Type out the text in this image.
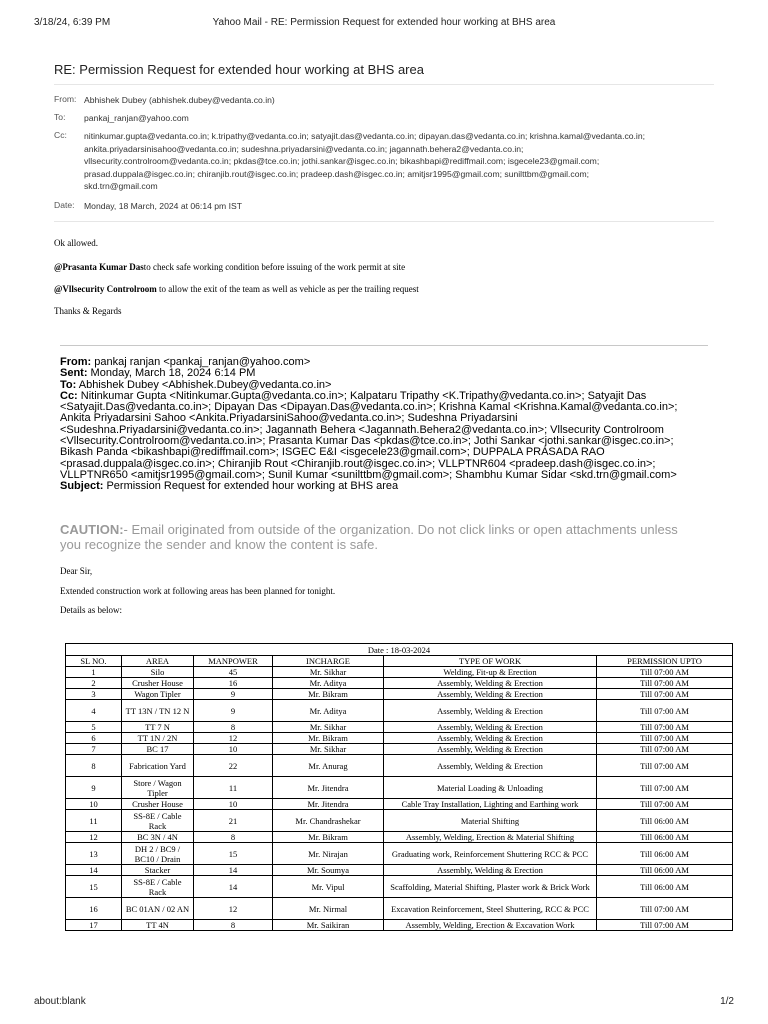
3/18/24, 6:39 PM	Yahoo Mail - RE: Permission Request for extended hour working at BHS area
RE: Permission Request for extended hour working at BHS area
From: Abhishek Dubey (abhishek.dubey@vedanta.co.in)
To: pankaj_ranjan@yahoo.com
Cc: nitinkumar.gupta@vedanta.co.in; k.tripathy@vedanta.co.in; satyajit.das@vedanta.co.in; dipayan.das@vedanta.co.in; krishna.kamal@vedanta.co.in;
ankita.priyadarsinisahoo@vedanta.co.in; sudeshna.priyadarsini@vedanta.co.in; jagannath.behera2@vedanta.co.in;
vllsecurity.controlroom@vedanta.co.in; pkdas@tce.co.in; jothi.sankar@isgec.co.in; bikashbapi@rediffmail.com; isgecele23@gmail.com;
prasad.duppala@isgec.co.in; chiranjib.rout@isgec.co.in; pradeep.dash@isgec.co.in; amitjsr1995@gmail.com; sunilttbm@gmail.com;
skd.trn@gmail.com
Date: Monday, 18 March, 2024 at 06:14 pm IST
Ok allowed.
@Prasanta Kumar Dasto check safe working condition before issuing of the work permit at site
@Vllsecurity Controlroom to allow the exit of the team as well as vehicle as per the trailing request
Thanks & Regards
From: pankaj ranjan <pankaj_ranjan@yahoo.com>
Sent: Monday, March 18, 2024 6:14 PM
To: Abhishek Dubey <Abhishek.Dubey@vedanta.co.in>
Cc: Nitinkumar Gupta <Nitinkumar.Gupta@vedanta.co.in>; Kalpataru Tripathy <K.Tripathy@vedanta.co.in>; Satyajit Das
<Satyajit.Das@vedanta.co.in>; Dipayan Das <Dipayan.Das@vedanta.co.in>; Krishna Kamal <Krishna.Kamal@vedanta.co.in>;
Ankita Priyadarsini Sahoo <Ankita.PriyadarsiniSahoo@vedanta.co.in>; Sudeshna Priyadarsini
<Sudeshna.Priyadarsini@vedanta.co.in>; Jagannath Behera <Jagannath.Behera2@vedanta.co.in>; Vllsecurity Controlroom
<Vllsecurity.Controlroom@vedanta.co.in>; Prasanta Kumar Das <pkdas@tce.co.in>; Jothi Sankar <jothi.sankar@isgec.co.in>;
Bikash Panda <bikashbapi@rediffmail.com>; ISGEC E&I <isgecele23@gmail.com>; DUPPALA PRASADA RAO
<prasad.duppala@isgec.co.in>; Chiranjib Rout <Chiranjib.rout@isgec.co.in>; VLLPTNR604 <pradeep.dash@isgec.co.in>;
VLLPTNR650 <amitjsr1995@gmail.com>; Sunil Kumar <sunilttbm@gmail.com>; Shambhu Kumar Sidar <skd.trn@gmail.com>
Subject: Permission Request for extended hour working at BHS area
CAUTION:- Email originated from outside of the organization. Do not click links or open attachments unless
you recognize the sender and know the content is safe.
Dear Sir,
Extended construction work at following areas has been planned for tonight.
Details as below:
Date : 18-03-2024					
SL NO.	AREA	MANPOWER	INCHARGE	TYPE OF WORK	PERMISSION UPTO
1	Silo	45	Mr. Sikhar	Welding, Fit-up & Erection	Till 07:00 AM
2	Crusher House	16	Mr. Aditya	Assembly, Welding & Erection	Till 07:00 AM
3	Wagon Tipler	9	Mr. Bikram	Assembly, Welding & Erection	Till 07:00 AM
4	TT 13N / TN 12 N	9	Mr. Aditya	Assembly, Welding & Erection	Till 07:00 AM
5	TT 7 N	8	Mr. Sikhar	Assembly, Welding & Erection	Till 07:00 AM
6	TT 1N / 2N	12	Mr. Bikram	Assembly, Welding & Erection	Till 07:00 AM
7	BC 17	10	Mr. Sikhar	Assembly, Welding & Erection	Till 07:00 AM
8	Fabrication Yard	22	Mr. Anurag	Assembly, Welding & Erection	Till 07:00 AM
9	Store / Wagon Tipler	11	Mr. Jitendra	Material Loading & Unloading	Till 07:00 AM
10	Crusher House	10	Mr. Jitendra	Cable Tray Installation, Lighting and Earthing work	Till 07:00 AM
11	SS-8E / Cable Rack	21	Mr. Chandrashekar	Material Shifting	Till 06:00 AM
12	BC 3N / 4N	8	Mr. Bikram	Assembly, Welding, Erection & Material Shifting	Till 06:00 AM
13	DH 2 / BC9 / BC10 / Drain	15	Mr. Nirajan	Graduating work, Reinforcement Shuttering RCC & PCC	Till 06:00 AM
14	Stacker	14	Mr. Soumya	Assembly, Welding & Erection	Till 06:00 AM
15	SS-8E / Cable Rack	14	Mr. Vipul	Scaffolding, Material Shifting, Plaster work & Brick Work	Till 06:00 AM
16	BC 01AN / 02 AN	12	Mr. Nirmal	Excavation Reinforcement, Steel Shuttering, RCC & PCC	Till 07:00 AM
17	TT 4N	8	Mr. Saikiran	Assembly, Welding, Erection & Excavation Work	Till 07:00 AM
about:blank	1/2
